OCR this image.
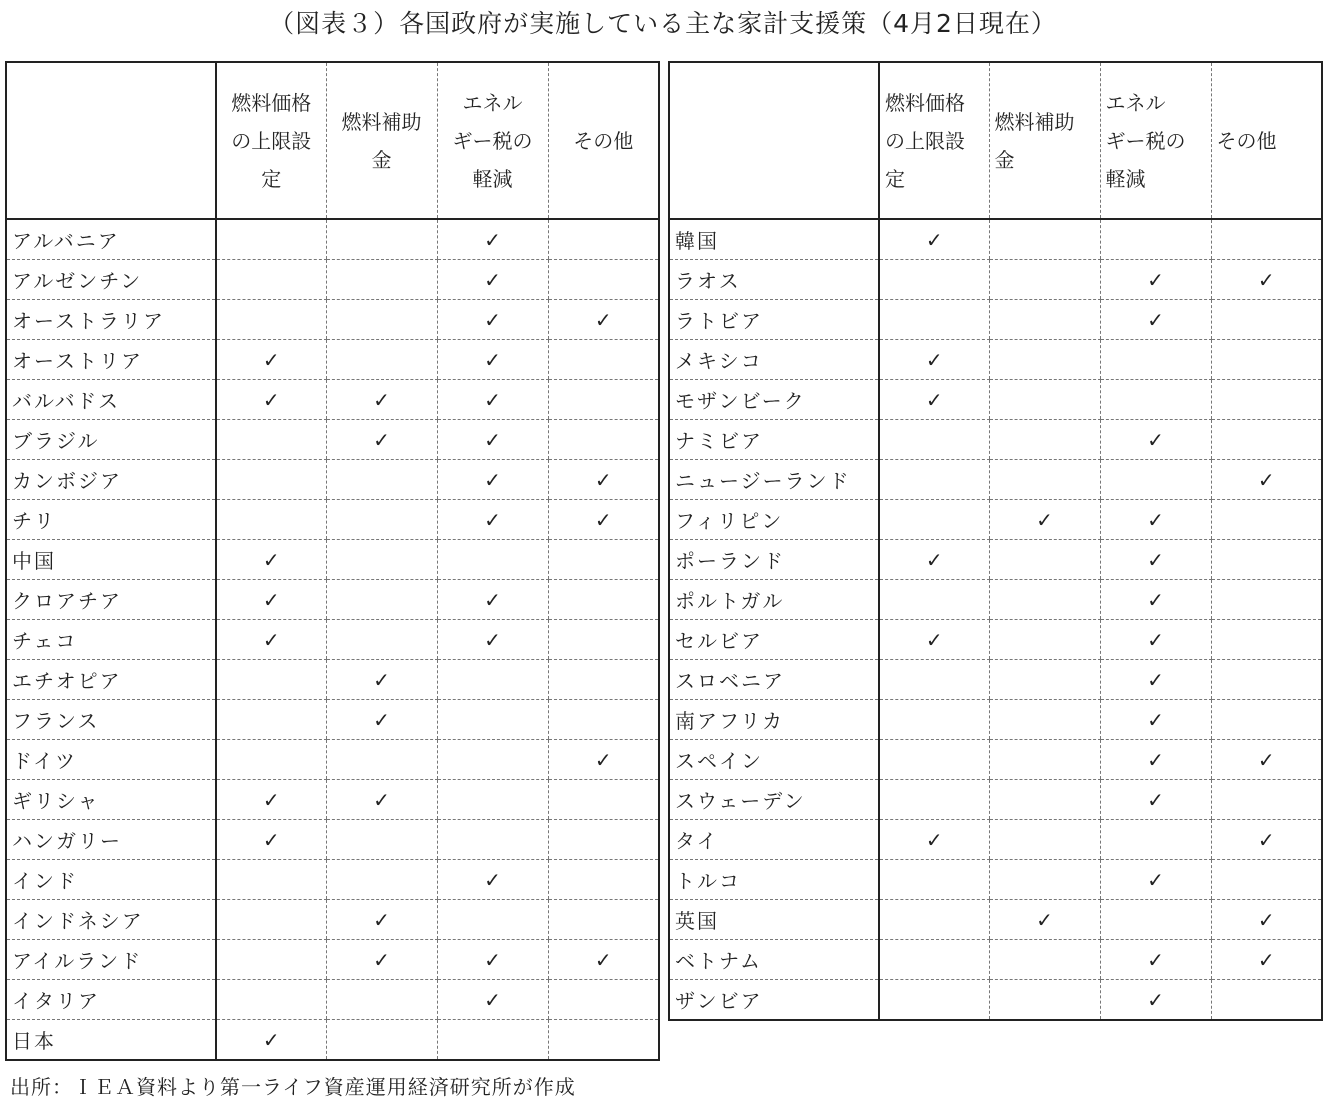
（図表３）各国政府が実施している主な家計支援策（4月2日現在）

	燃料価格
の上限設
定	燃料補助
金	エネル
ギー税の
軽減	その他

アルバニア			✓	
アルゼンチン			✓	
オーストラリア			✓	✓
オーストリア	✓		✓	
バルバドス	✓	✓	✓	
ブラジル		✓	✓	
カンボジア			✓	✓
チリ			✓	✓
中国	✓			
クロアチア	✓		✓	
チェコ	✓		✓	
エチオピア		✓		
フランス		✓		
ドイツ				✓
ギリシャ	✓	✓		
ハンガリー	✓			
インド			✓	
インドネシア		✓		
アイルランド		✓	✓	✓
イタリア			✓	
日本	✓			

	燃料価格
の上限設
定	燃料補助
金	エネル
ギー税の
軽減	その他

韓国	✓			
ラオス			✓	✓
ラトビア			✓	
メキシコ	✓			
モザンビーク	✓			
ナミビア			✓	
ニュージーランド				✓
フィリピン		✓	✓	
ポーランド	✓		✓	
ポルトガル			✓	
セルビア	✓		✓	
スロベニア			✓	
南アフリカ			✓	
スペイン			✓	✓
スウェーデン			✓	
タイ	✓			✓
トルコ			✓	
英国		✓		✓
ベトナム			✓	✓
ザンビア			✓	
出所：ＩＥＡ資料より第一ライフ資産運用経済研究所が作成
